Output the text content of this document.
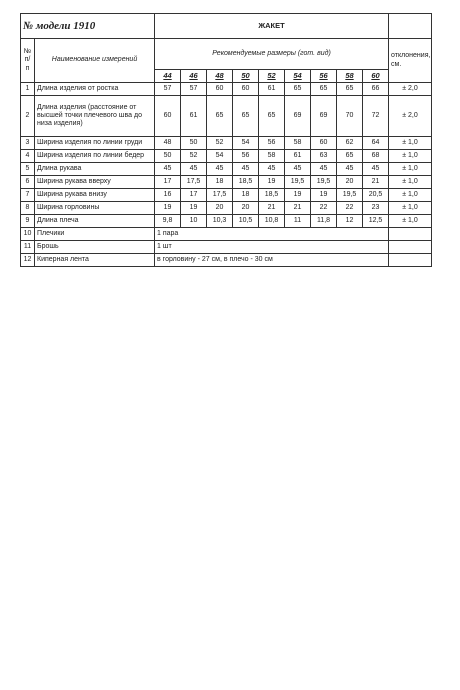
№ модели 1910		ЖАКЕТ									
№ п/п	Наименование измерений	Рекомендуемые размеры (гот. вид)									отклонения, см.
		44	46	48	50	52	54	56	58	60	
1	Длина изделия от ростка	57	57	60	60	61	65	65	65	66	± 2,0
2	Длина изделия (расстояние от высшей точки плечевого шва до низа изделия)	60	61	65	65	65	69	69	70	72	± 2,0
3	Ширина изделия по линии груди	48	50	52	54	56	58	60	62	64	± 1,0
4	Ширина изделия по линии бедер	50	52	54	56	58	61	63	65	68	± 1,0
5	Длина рукава	45	45	45	45	45	45	45	45	45	± 1,0
6	Ширина рукава вверху	17	17,5	18	18,5	19	19,5	19,5	20	21	± 1,0
7	Ширина рукава внизу	16	17	17,5	18	18,5	19	19	19,5	20,5	± 1,0
8	Ширина горловины	19	19	20	20	21	21	22	22	23	± 1,0
9	Длина плеча	9,8	10	10,3	10,5	10,8	11	11,8	12	12,5	± 1,0
10	Плечики	1 пара									
11	Брошь	1 шт									
12	Киперная лента	в горловину - 27 см, в плечо - 30 см									
